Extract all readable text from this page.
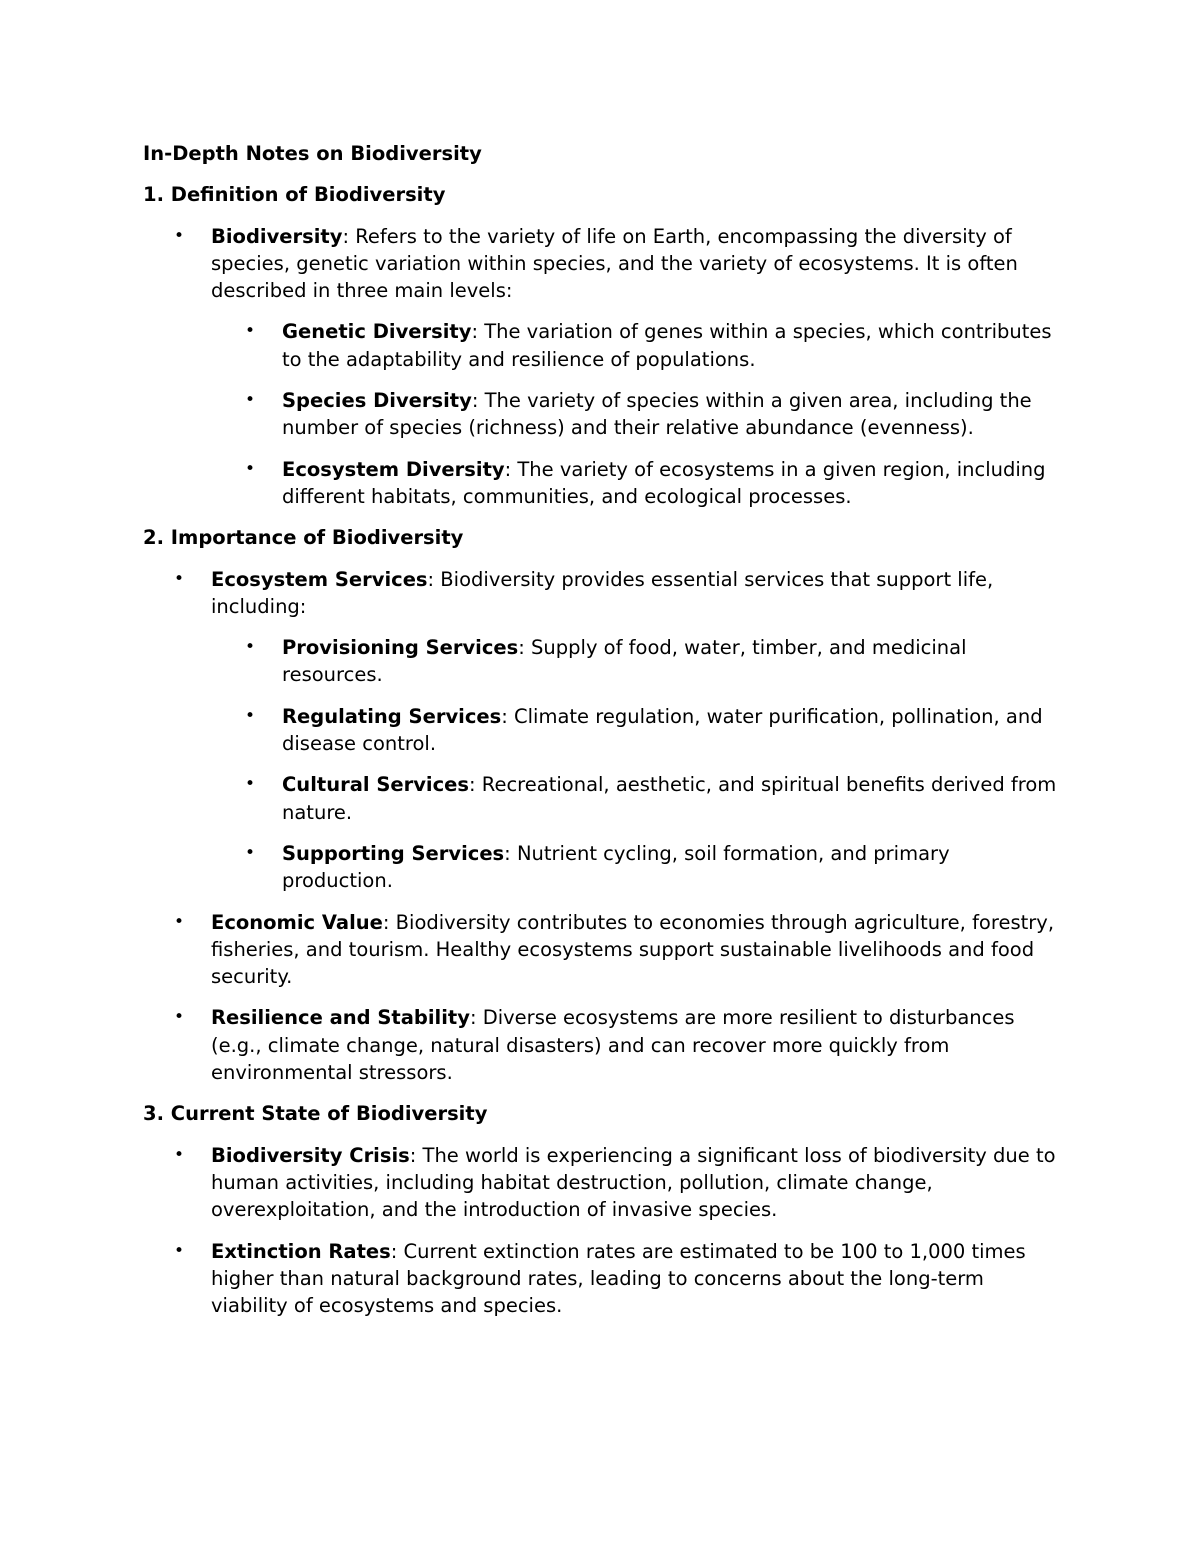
In-Depth Notes on Biodiversity

1. Definition of Biodiversity

• Biodiversity: Refers to the variety of life on Earth, encompassing the diversity of species, genetic variation within species, and the variety of ecosystems. It is often described in three main levels:
• Genetic Diversity: The variation of genes within a species, which contributes to the adaptability and resilience of populations.
• Species Diversity: The variety of species within a given area, including the number of species (richness) and their relative abundance (evenness).
• Ecosystem Diversity: The variety of ecosystems in a given region, including different habitats, communities, and ecological processes.

2. Importance of Biodiversity

• Ecosystem Services: Biodiversity provides essential services that support life, including:
• Provisioning Services: Supply of food, water, timber, and medicinal resources.
• Regulating Services: Climate regulation, water purification, pollination, and disease control.
• Cultural Services: Recreational, aesthetic, and spiritual benefits derived from nature.
• Supporting Services: Nutrient cycling, soil formation, and primary production.
• Economic Value: Biodiversity contributes to economies through agriculture, forestry, fisheries, and tourism. Healthy ecosystems support sustainable livelihoods and food security.
• Resilience and Stability: Diverse ecosystems are more resilient to disturbances (e.g., climate change, natural disasters) and can recover more quickly from environmental stressors.

3. Current State of Biodiversity

• Biodiversity Crisis: The world is experiencing a significant loss of biodiversity due to human activities, including habitat destruction, pollution, climate change, overexploitation, and the introduction of invasive species.
• Extinction Rates: Current extinction rates are estimated to be 100 to 1,000 times higher than natural background rates, leading to concerns about the long-term viability of ecosystems and species.
